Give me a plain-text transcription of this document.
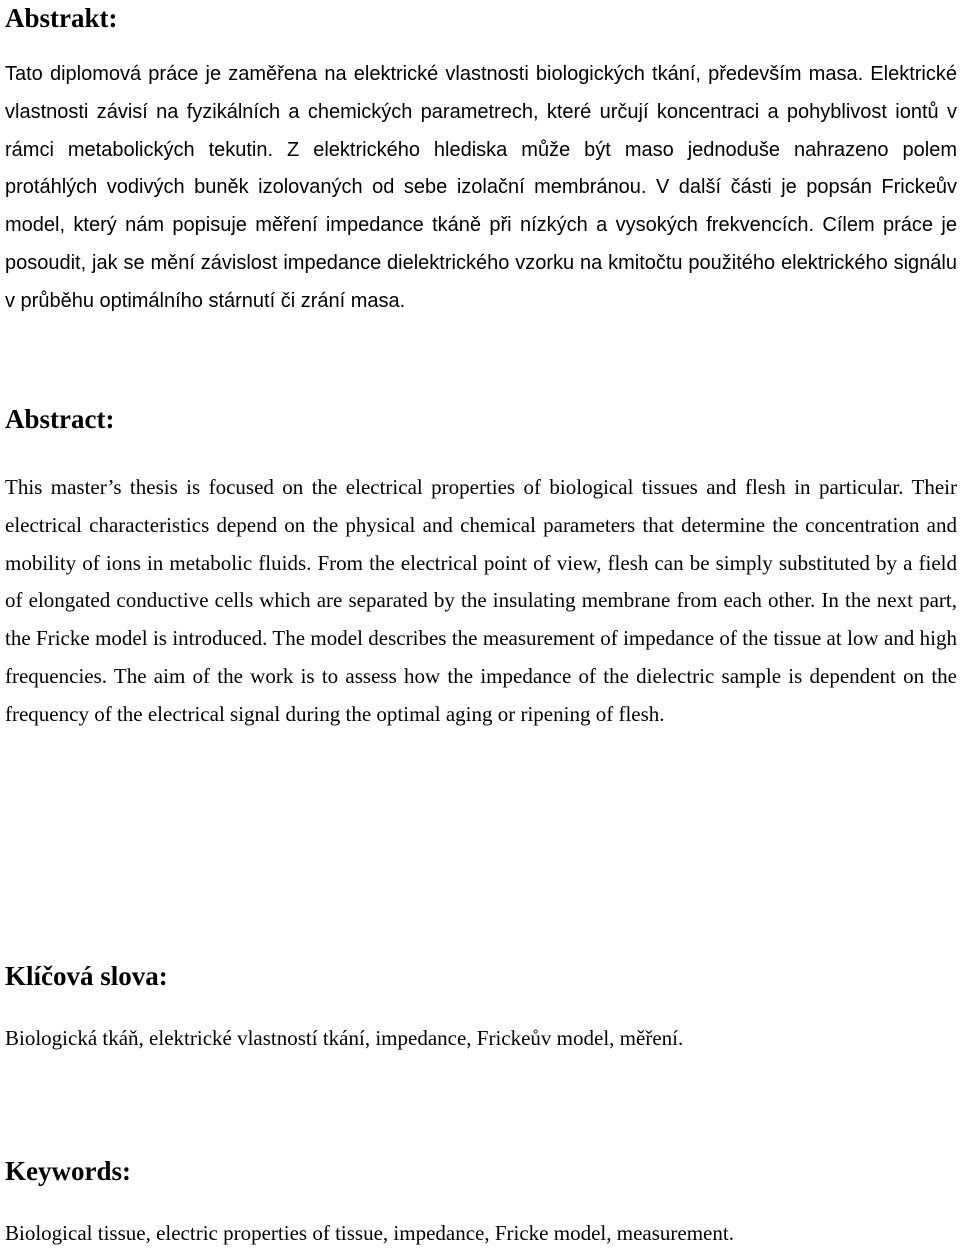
Abstrakt:

Tato diplomová práce je zaměřena na elektrické vlastnosti biologických tkání, především masa. Elektrické vlastnosti závisí na fyzikálních a chemických parametrech, které určují koncentraci a pohyblivost iontů v rámci metabolických tekutin. Z elektrického hlediska může být maso jednoduše nahrazeno polem protáhlých vodivých buněk izolovaných od sebe izolační membránou. V další části je popsán Frickeův model, který nám popisuje měření impedance tkáně při nízkých a vysokých frekvencích. Cílem práce je posoudit, jak se mění závislost impedance dielektrického vzorku na kmitočtu použitého elektrického signálu v průběhu optimálního stárnutí či zrání masa.

Abstract:

This master’s thesis is focused on the electrical properties of biological tissues and flesh in particular. Their electrical characteristics depend on the physical and chemical parameters that determine the concentration and mobility of ions in metabolic fluids. From the electrical point of view, flesh can be simply substituted by a field of elongated conductive cells which are separated by the insulating membrane from each other. In the next part, the Fricke model is introduced. The model describes the measurement of impedance of the tissue at low and high frequencies. The aim of the work is to assess how the impedance of the dielectric sample is dependent on the frequency of the electrical signal during the optimal aging or ripening of flesh.

Klíčová slova:

Biologická tkáň, elektrické vlastností tkání, impedance, Frickeův model, měření.

Keywords:

Biological tissue, electric properties of tissue, impedance, Fricke model, measurement.
